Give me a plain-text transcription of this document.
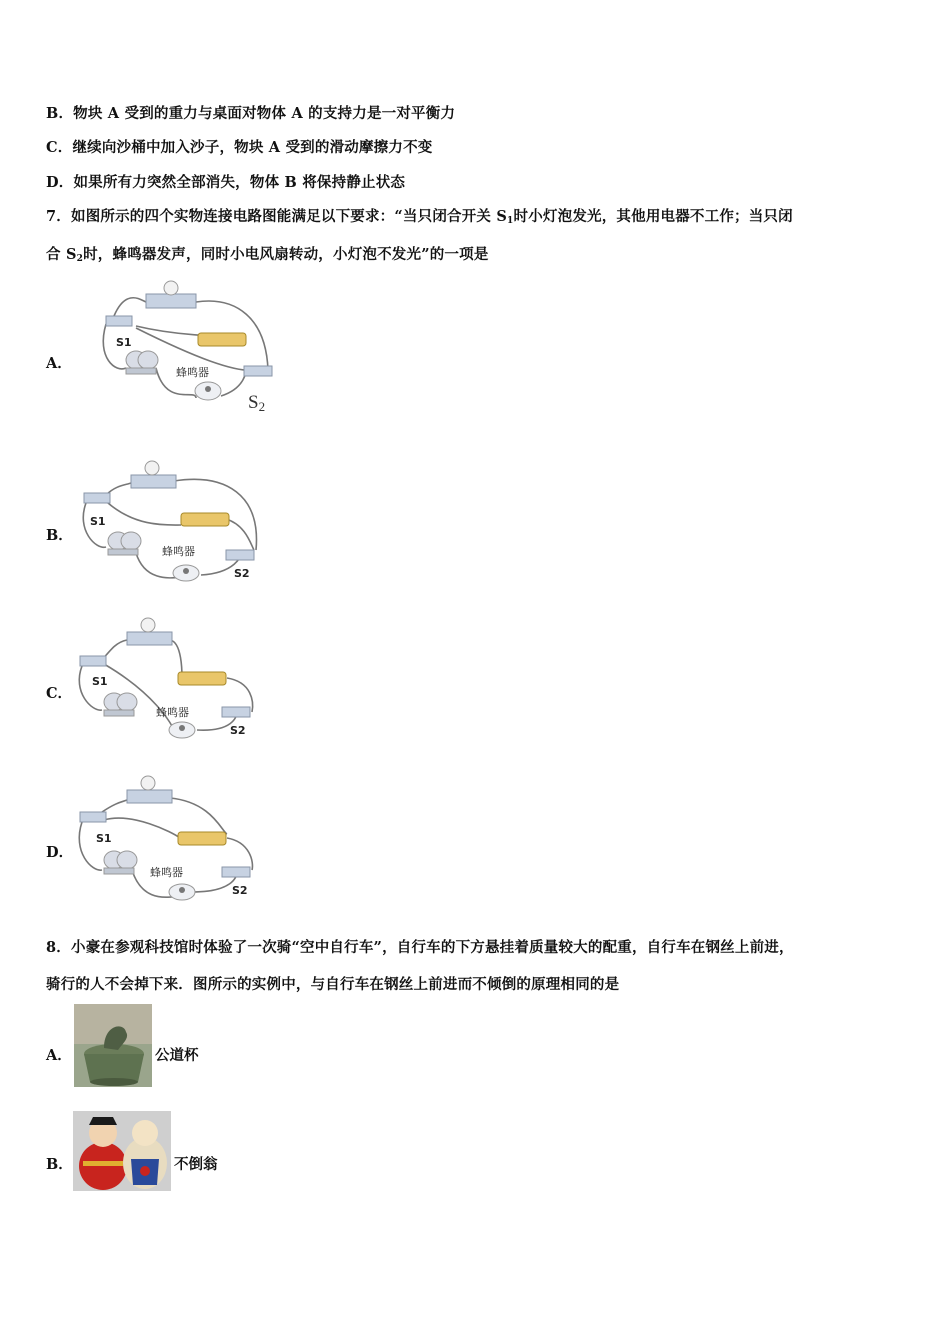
B．物块 A 受到的重力与桌面对物体 A 的支持力是一对平衡力
C．继续向沙桶中加入沙子，物块 A 受到的滑动摩擦力不变
D．如果所有力突然全部消失，物体 B 将保持静止状态
7．如图所示的四个实物连接电路图能满足以下要求：“当只闭合开关 $S_1$时小灯泡发光，其他用电器不工作；当只闭
合 $S_2$时，蜂鸣器发声，同时小电风扇转动，小灯泡不发光”的一项是
A．
B．
C．
D．
S1
蜂鸣器
S2
S1
蜂鸣器
S2
S1
蜂鸣器
S2
S1
蜂鸣器
S2
8．小豪在参观科技馆时体验了一次骑“空中自行车”，自行车的下方悬挂着质量较大的配重，自行车在钢丝上前进，
骑行的人不会掉下来．图所示的实例中，与自行车在钢丝上前进而不倾倒的原理相同的是
A．	公道杯
B．	不倒翁
